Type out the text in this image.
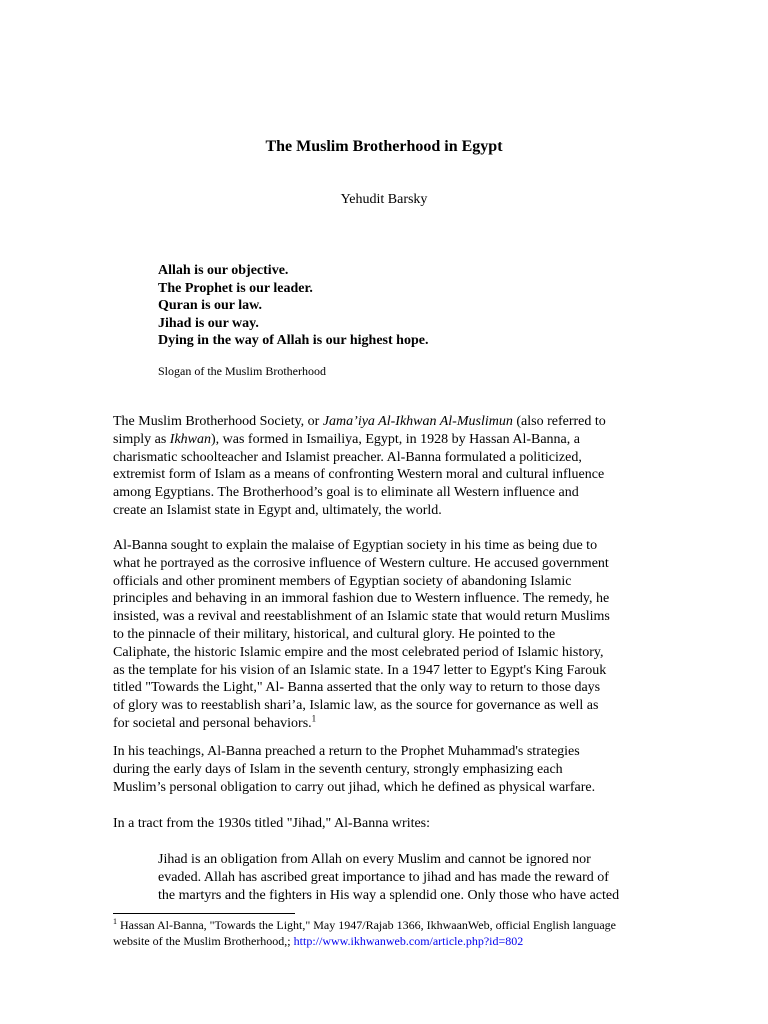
The Muslim Brotherhood in Egypt
Yehudit Barsky
Allah is our objective.
The Prophet is our leader.
Quran is our law.
Jihad is our way.
Dying in the way of Allah is our highest hope.
Slogan of the Muslim Brotherhood
The Muslim Brotherhood Society, or Jama’iya Al-Ikhwan Al-Muslimun (also referred to
simply as Ikhwan), was formed in Ismailiya, Egypt, in 1928 by Hassan Al-Banna, a
charismatic schoolteacher and Islamist preacher. Al-Banna formulated a politicized,
extremist form of Islam as a means of confronting Western moral and cultural influence
among Egyptians. The Brotherhood’s goal is to eliminate all Western influence and
create an Islamist state in Egypt and, ultimately, the world.
Al-Banna sought to explain the malaise of Egyptian society in his time as being due to
what he portrayed as the corrosive influence of Western culture. He accused government
officials and other prominent members of Egyptian society of abandoning Islamic
principles and behaving in an immoral fashion due to Western influence. The remedy, he
insisted, was a revival and reestablishment of an Islamic state that would return Muslims
to the pinnacle of their military, historical, and cultural glory. He pointed to the
Caliphate, the historic Islamic empire and the most celebrated period of Islamic history,
as the template for his vision of an Islamic state. In a 1947 letter to Egypt's King Farouk
titled "Towards the Light," Al- Banna asserted that the only way to return to those days
of glory was to reestablish shari’a, Islamic law, as the source for governance as well as
for societal and personal behaviors.$^1$
In his teachings, Al-Banna preached a return to the Prophet Muhammad's strategies
during the early days of Islam in the seventh century, strongly emphasizing each
Muslim’s personal obligation to carry out jihad, which he defined as physical warfare.
In a tract from the 1930s titled "Jihad," Al-Banna writes:
Jihad is an obligation from Allah on every Muslim and cannot be ignored nor
evaded. Allah has ascribed great importance to jihad and has made the reward of
the martyrs and the fighters in His way a splendid one. Only those who have acted
$^1$ Hassan Al-Banna, "Towards the Light," May 1947/Rajab 1366, IkhwaanWeb, official English language
website of the Muslim Brotherhood,; http://www.ikhwanweb.com/article.php?id=802
